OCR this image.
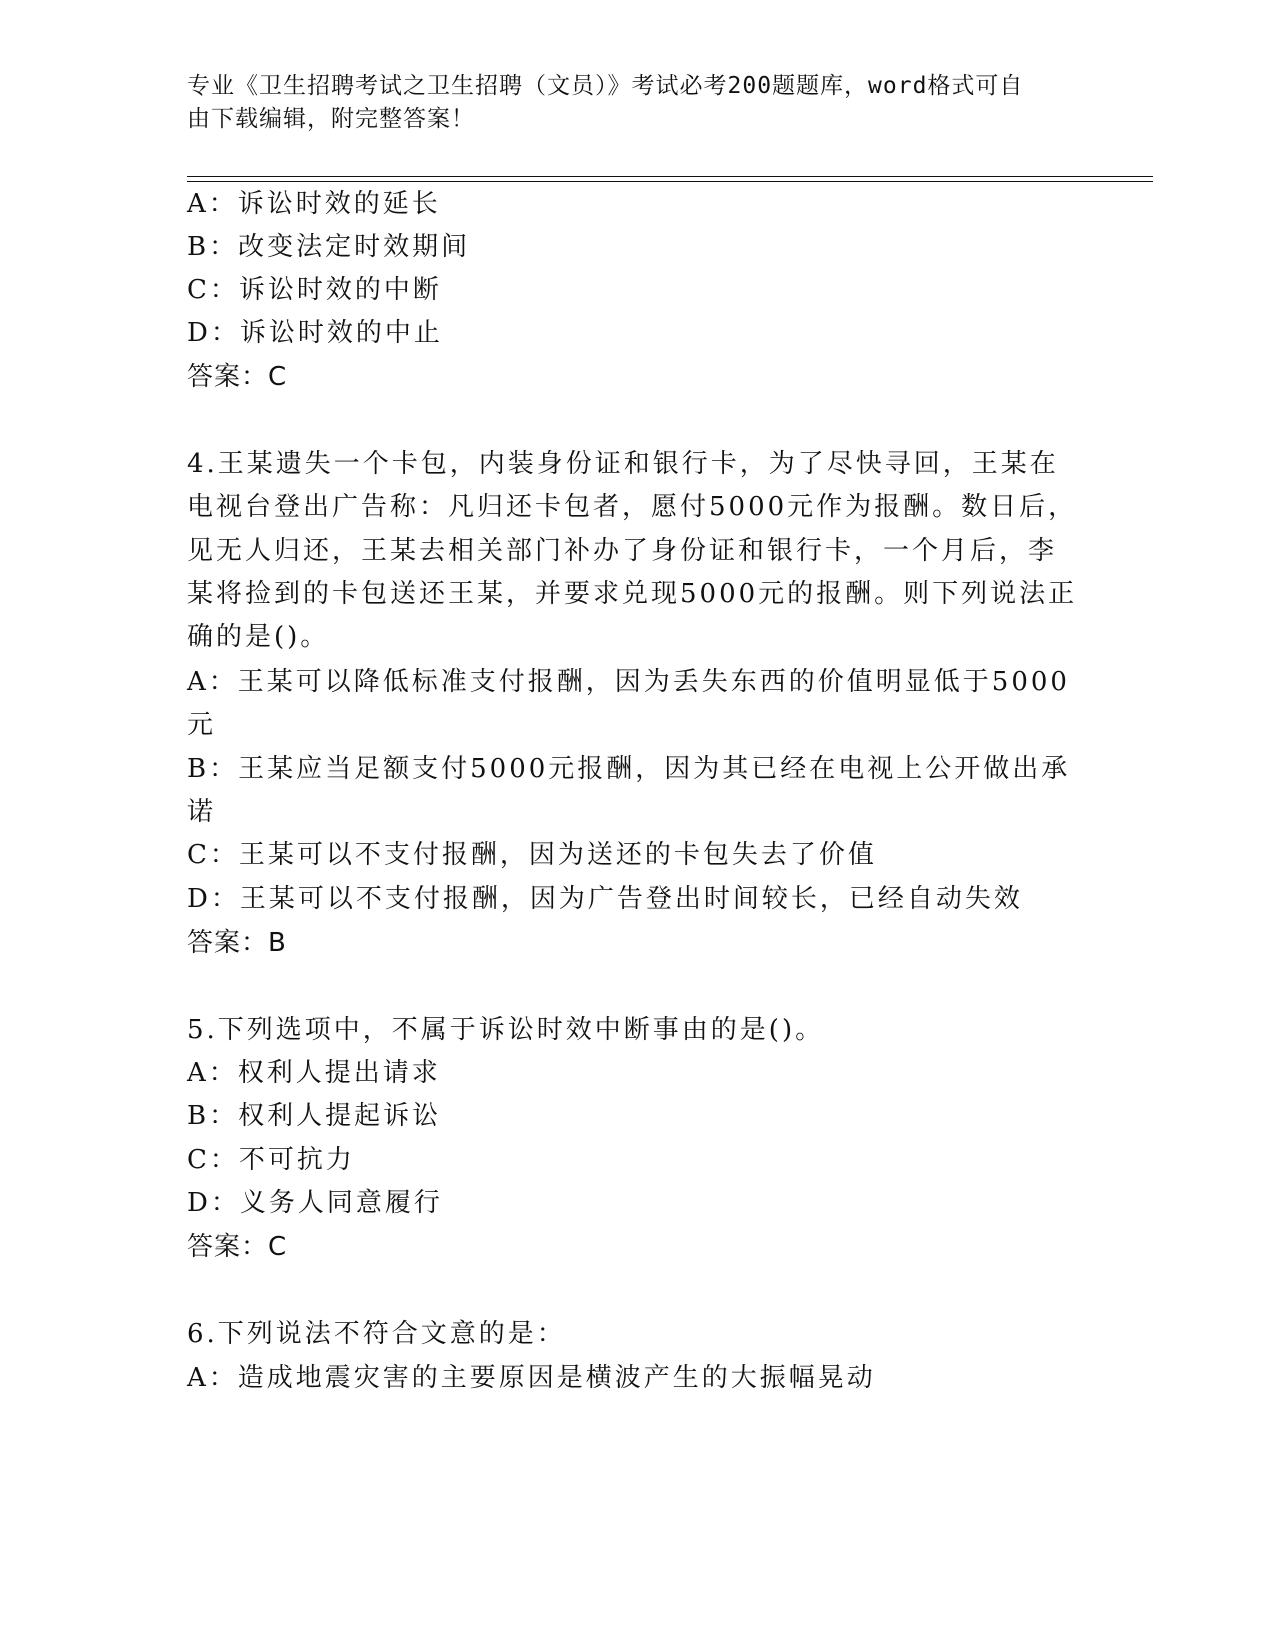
专业《卫生招聘考试之卫生招聘（文员）》考试必考200题题库，word格式可自
由下载编辑，附完整答案！
A：诉讼时效的延长
B：改变法定时效期间
C：诉讼时效的中断
D：诉讼时效的中止
答案：C
4.王某遗失一个卡包，内装身份证和银行卡，为了尽快寻回，王某在
电视台登出广告称：凡归还卡包者，愿付5000元作为报酬。数日后，
见无人归还，王某去相关部门补办了身份证和银行卡，一个月后，李
某将捡到的卡包送还王某，并要求兑现5000元的报酬。则下列说法正
确的是()。
A：王某可以降低标准支付报酬，因为丢失东西的价值明显低于5000
元
B：王某应当足额支付5000元报酬，因为其已经在电视上公开做出承
诺
C：王某可以不支付报酬，因为送还的卡包失去了价值
D：王某可以不支付报酬，因为广告登出时间较长，已经自动失效
答案：B
5.下列选项中，不属于诉讼时效中断事由的是()。
A：权利人提出请求
B：权利人提起诉讼
C：不可抗力
D：义务人同意履行
答案：C
6.下列说法不符合文意的是：
A：造成地震灾害的主要原因是横波产生的大振幅晃动
